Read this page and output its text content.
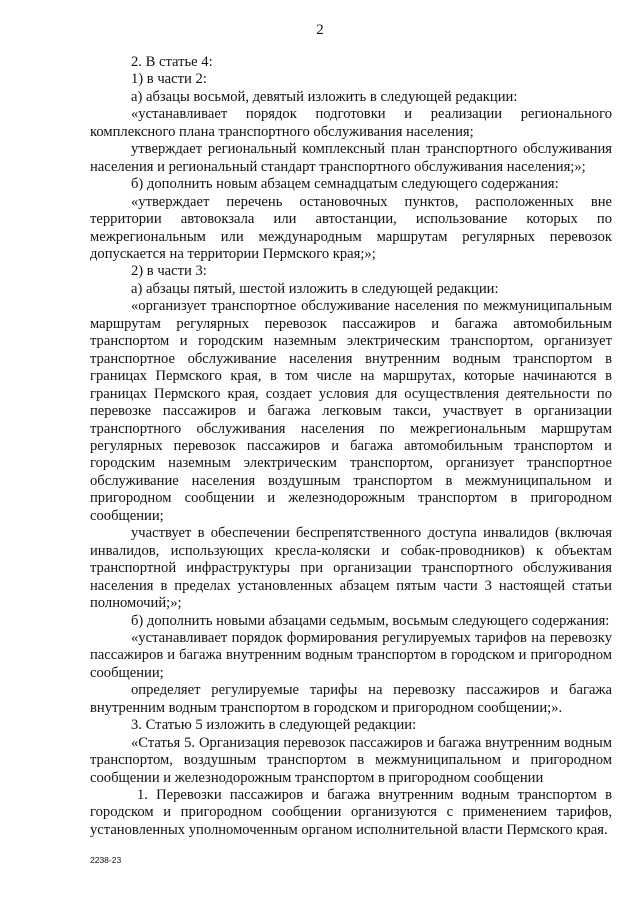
2

2. В статье 4:

1) в части 2:

а) абзацы восьмой, девятый изложить в следующей редакции:

«устанавливает порядок подготовки и реализации регионального комплексного плана транспортного обслуживания населения;

утверждает региональный комплексный план транспортного обслуживания населения и региональный стандарт транспортного обслуживания населения;»;

б) дополнить новым абзацем семнадцатым следующего содержания:

«утверждает перечень остановочных пунктов, расположенных вне территории автовокзала или автостанции, использование которых по межрегиональным или международным маршрутам регулярных перевозок допускается на территории Пермского края;»;

2) в части 3:

а) абзацы пятый, шестой изложить в следующей редакции:

«организует транспортное обслуживание населения по межмуниципальным маршрутам регулярных перевозок пассажиров и багажа автомобильным транспортом и городским наземным электрическим транспортом, организует транспортное обслуживание населения внутренним водным транспортом в границах Пермского края, в том числе на маршрутах, которые начинаются в границах Пермского края, создает условия для осуществления деятельности по перевозке пассажиров и багажа легковым такси, участвует в организации транспортного обслуживания населения по межрегиональным маршрутам регулярных перевозок пассажиров и багажа автомобильным транспортом и городским наземным электрическим транспортом, организует транспортное обслуживание населения воздушным транспортом в межмуниципальном и пригородном сообщении и железнодорожным транспортом в пригородном сообщении;

участвует в обеспечении беспрепятственного доступа инвалидов (включая инвалидов, использующих кресла-коляски и собак-проводников) к объектам транспортной инфраструктуры при организации транспортного обслуживания населения в пределах установленных абзацем пятым части 3 настоящей статьи полномочий;»;

б) дополнить новыми абзацами седьмым, восьмым следующего содержания:

«устанавливает порядок формирования регулируемых тарифов на перевозку пассажиров и багажа внутренним водным транспортом в городском и пригородном сообщении;

определяет регулируемые тарифы на перевозку пассажиров и багажа внутренним водным транспортом в городском и пригородном сообщении;».

3. Статью 5 изложить в следующей редакции:

«Статья 5. Организация перевозок пассажиров и багажа внутренним водным транспортом, воздушным транспортом в межмуниципальном и пригородном сообщении и железнодорожным транспортом в пригородном сообщении

1. Перевозки пассажиров и багажа внутренним водным транспортом в городском и пригородном сообщении организуются с применением тарифов, установленных уполномоченным органом исполнительной власти Пермского края.

2238-23
